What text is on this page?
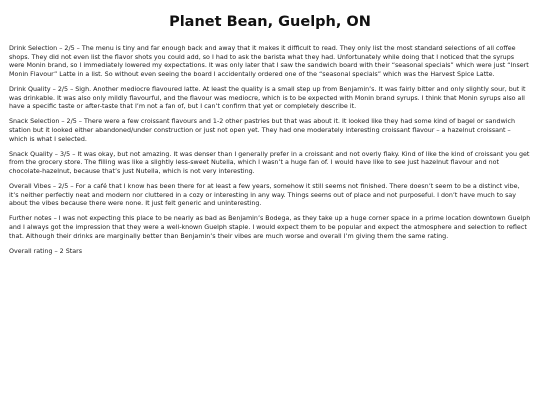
Planet Bean, Guelph, ON

Drink Selection – 2/5 – The menu is tiny and far enough back and away that it makes it difficult to read. They only list the most standard selections of all coffee shops. They did not even list the flavor shots you could add, so I had to ask the barista what they had. Unfortunately while doing that I noticed that the syrups were Monin brand, so I immediately lowered my expectations. It was only later that I saw the sandwich board with their “seasonal specials” which were just “Insert Monin Flavour” Latte in a list. So without even seeing the board I accidentally ordered one of the “seasonal specials” which was the Harvest Spice Latte.

Drink Quality – 2/5 – Sigh. Another mediocre flavoured latte. At least the quality is a small step up from Benjamin’s. It was fairly bitter and only slightly sour, but it was drinkable. It was also only mildly flavourful, and the flavour was mediocre, which is to be expected with Monin brand syrups. I think that Monin syrups also all have a specific taste or after-taste that I’m not a fan of, but I can’t confirm that yet or completely describe it.

Snack Selection – 2/5 – There were a few croissant flavours and 1-2 other pastries but that was about it. It looked like they had some kind of bagel or sandwich station but it looked either abandoned/under construction or just not open yet. They had one moderately interesting croissant flavour – a hazelnut croissant – which is what I selected.

Snack Quality – 3/5 – It was okay, but not amazing. It was denser than I generally prefer in a croissant and not overly flaky. Kind of like the kind of croissant you get from the grocery store. The filling was like a slightly less-sweet Nutella, which I wasn’t a huge fan of. I would have like to see just hazelnut flavour and not chocolate-hazelnut, because that’s just Nutella, which is not very interesting.

Overall Vibes – 2/5 – For a café that I know has been there for at least a few years, somehow it still seems not finished. There doesn’t seem to be a distinct vibe, it’s neither perfectly neat and modern nor cluttered in a cozy or interesting in any way. Things seems out of place and not purposeful. I don’t have much to say about the vibes because there were none. It just felt generic and uninteresting.

Further notes – I was not expecting this place to be nearly as bad as Benjamin’s Bodega, as they take up a huge corner space in a prime location downtown Guelph and I always got the impression that they were a well-known Guelph staple. I would expect them to be popular and expect the atmosphere and selection to reflect that. Although their drinks are marginally better than Benjamin’s their vibes are much worse and overall I’m giving them the same rating.

Overall rating – 2 Stars
